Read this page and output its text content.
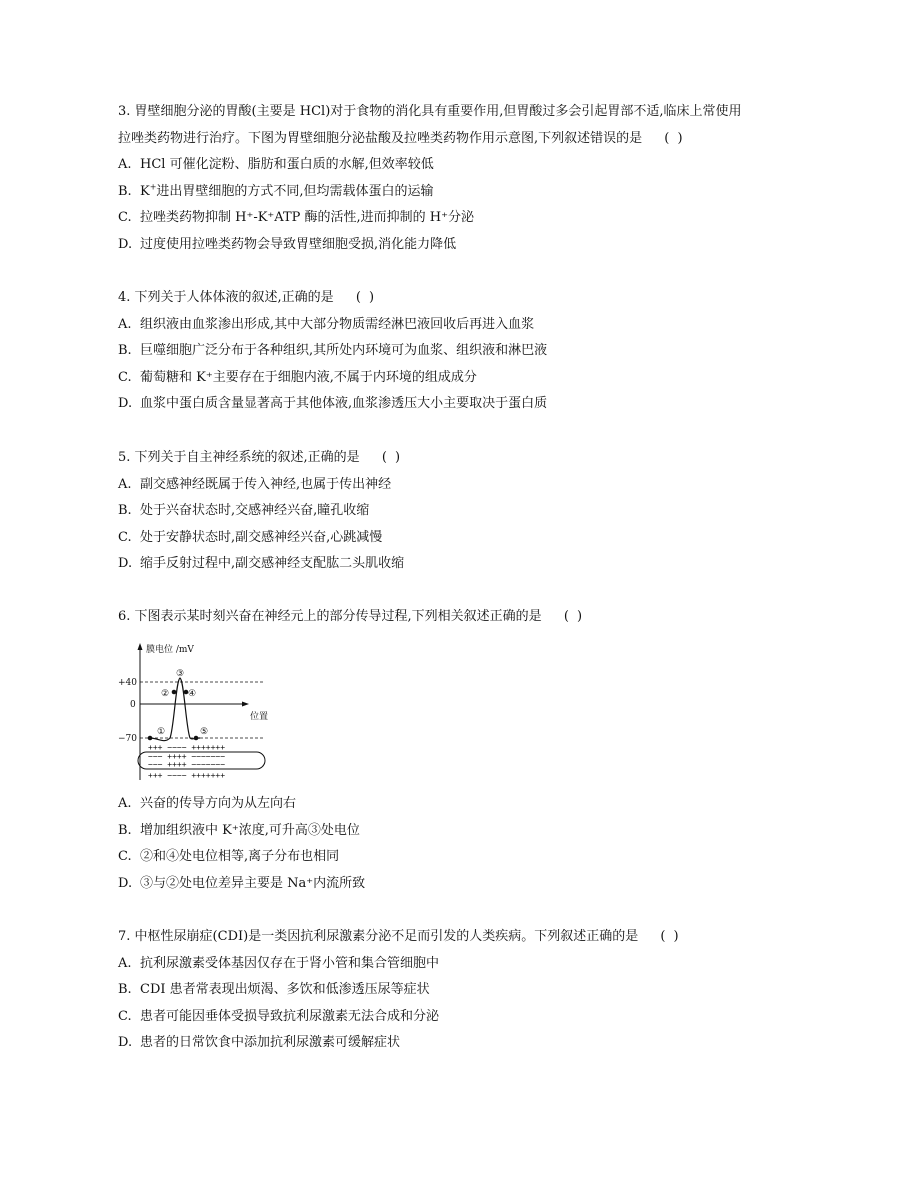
3. 胃壁细胞分泌的胃酸(主要是 HCl)对于食物的消化具有重要作用,但胃酸过多会引起胃部不适,临床上常使用
拉唑类药物进行治疗。下图为胃壁细胞分泌盐酸及拉唑类药物作用示意图,下列叙述错误的是 ( )
A. HCl 可催化淀粉、脂肪和蛋白质的水解,但效率较低
B. K+进出胃壁细胞的方式不同,但均需载体蛋白的运输
C. 拉唑类药物抑制 H⁺-K⁺ATP 酶的活性,进而抑制的 H⁺分泌
D. 过度使用拉唑类药物会导致胃壁细胞受损,消化能力降低
4. 下列关于人体体液的叙述,正确的是 ( )
A. 组织液由血浆渗出形成,其中大部分物质需经淋巴液回收后再进入血浆
B. 巨噬细胞广泛分布于各种组织,其所处内环境可为血浆、组织液和淋巴液
C. 葡萄糖和 K⁺主要存在于细胞内液,不属于内环境的组成成分
D. 血浆中蛋白质含量显著高于其他体液,血浆渗透压大小主要取决于蛋白质
5. 下列关于自主神经系统的叙述,正确的是 ( )
A. 副交感神经既属于传入神经,也属于传出神经
B. 处于兴奋状态时,交感神经兴奋,瞳孔收缩
C. 处于安静状态时,副交感神经兴奋,心跳减慢
D. 缩手反射过程中,副交感神经支配肱二头肌收缩
6. 下图表示某时刻兴奋在神经元上的部分传导过程,下列相关叙述正确的是 ( )
膜电位 /mV
位置
+40
0
−70
①
②
③
④
⑤
+++ −−−− +++++++
−−− ++++ −−−−−−−
−−− ++++ −−−−−−−
+++ −−−− +++++++
A. 兴奋的传导方向为从左向右
B. 增加组织液中 K⁺浓度,可升高③处电位
C. ②和④处电位相等,离子分布也相同
D. ③与②处电位差异主要是 Na⁺内流所致
7. 中枢性尿崩症(CDI)是一类因抗利尿激素分泌不足而引发的人类疾病。下列叙述正确的是 ( )
A. 抗利尿激素受体基因仅存在于肾小管和集合管细胞中
B. CDI 患者常表现出烦渴、多饮和低渗透压尿等症状
C. 患者可能因垂体受损导致抗利尿激素无法合成和分泌
D. 患者的日常饮食中添加抗利尿激素可缓解症状
